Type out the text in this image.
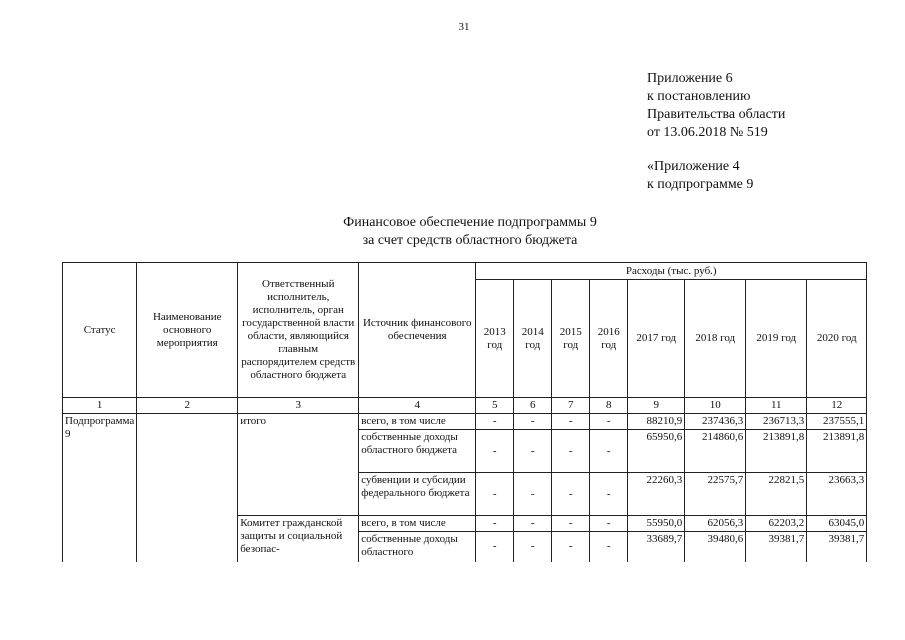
31
Приложение 6
к постановлению
Правительства области
от 13.06.2018 № 519
«Приложение 4
к подпрограмме 9
Финансовое обеспечение подпрограммы 9
за счет средств областного бюджета
Статус	Наименование основного мероприятия	Ответственный исполнитель, исполнитель, орган государственной власти области, являющийся главным распорядителем средств областного бюджета	Источник финансового обеспечения	Расходы (тыс. руб.)							
				2013 год	2014 год	2015 год	2016 год	2017 год	2018 год	2019 год	2020 год
1	2	3	4	5	6	7	8	9	10	11	12
Подпрограмма 9		итого	всего, в том числе	-	-	-	-	88210,9	237436,3	236713,3	237555,1
			собственные доходы областного бюджета	-	-	-	-	65950,6	214860,6	213891,8	213891,8
			субвенции и субсидии федерального бюджета	-	-	-	-	22260,3	22575,7	22821,5	23663,3
		Комитет гражданской защиты и социальной безопас-	всего, в том числе	-	-	-	-	55950,0	62056,3	62203,2	63045,0
			собственные доходы областного	-	-	-	-	33689,7	39480,6	39381,7	39381,7
